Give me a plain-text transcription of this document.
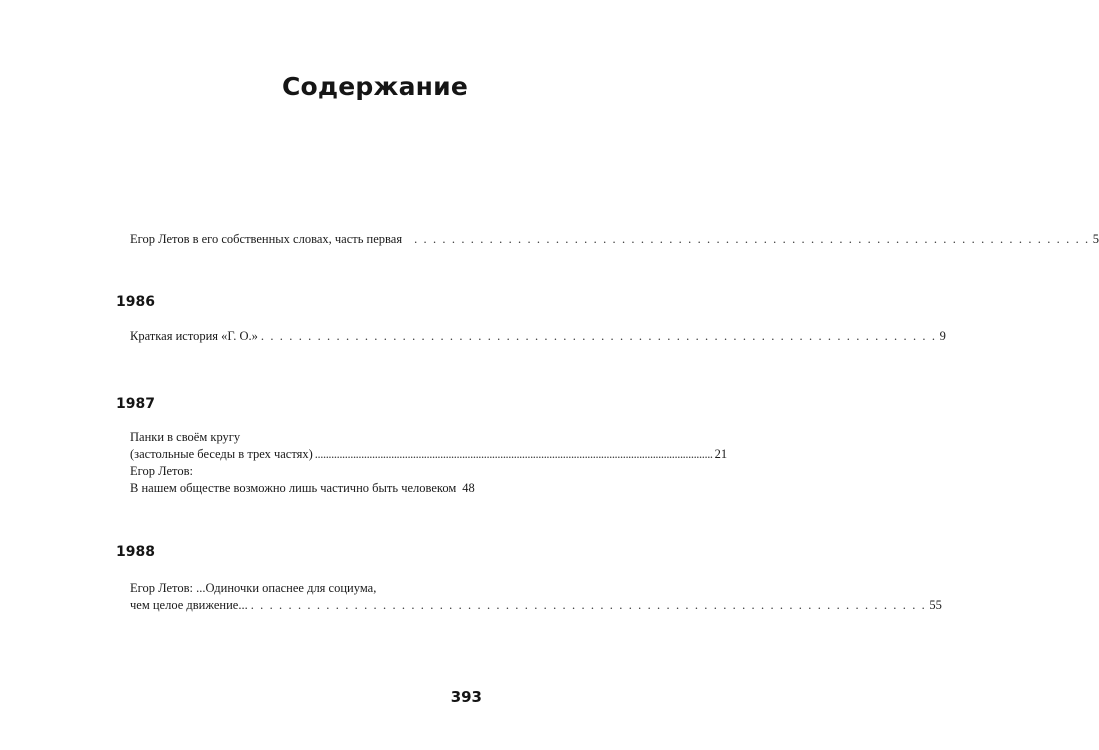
Содержание
Егор Летов в его собственных словах, часть первая . . .	5
1986
Краткая история «Г. О.» . . .	9
1987
Панки в своём кругу
(застольные беседы в трех частях) .....	21
Егор Летов:
В нашем обществе возможно лишь частично быть человеком 48
1988
Егор Летов: ...Одиночки опаснее для социума,
чем целое движение... . . .	55
393
